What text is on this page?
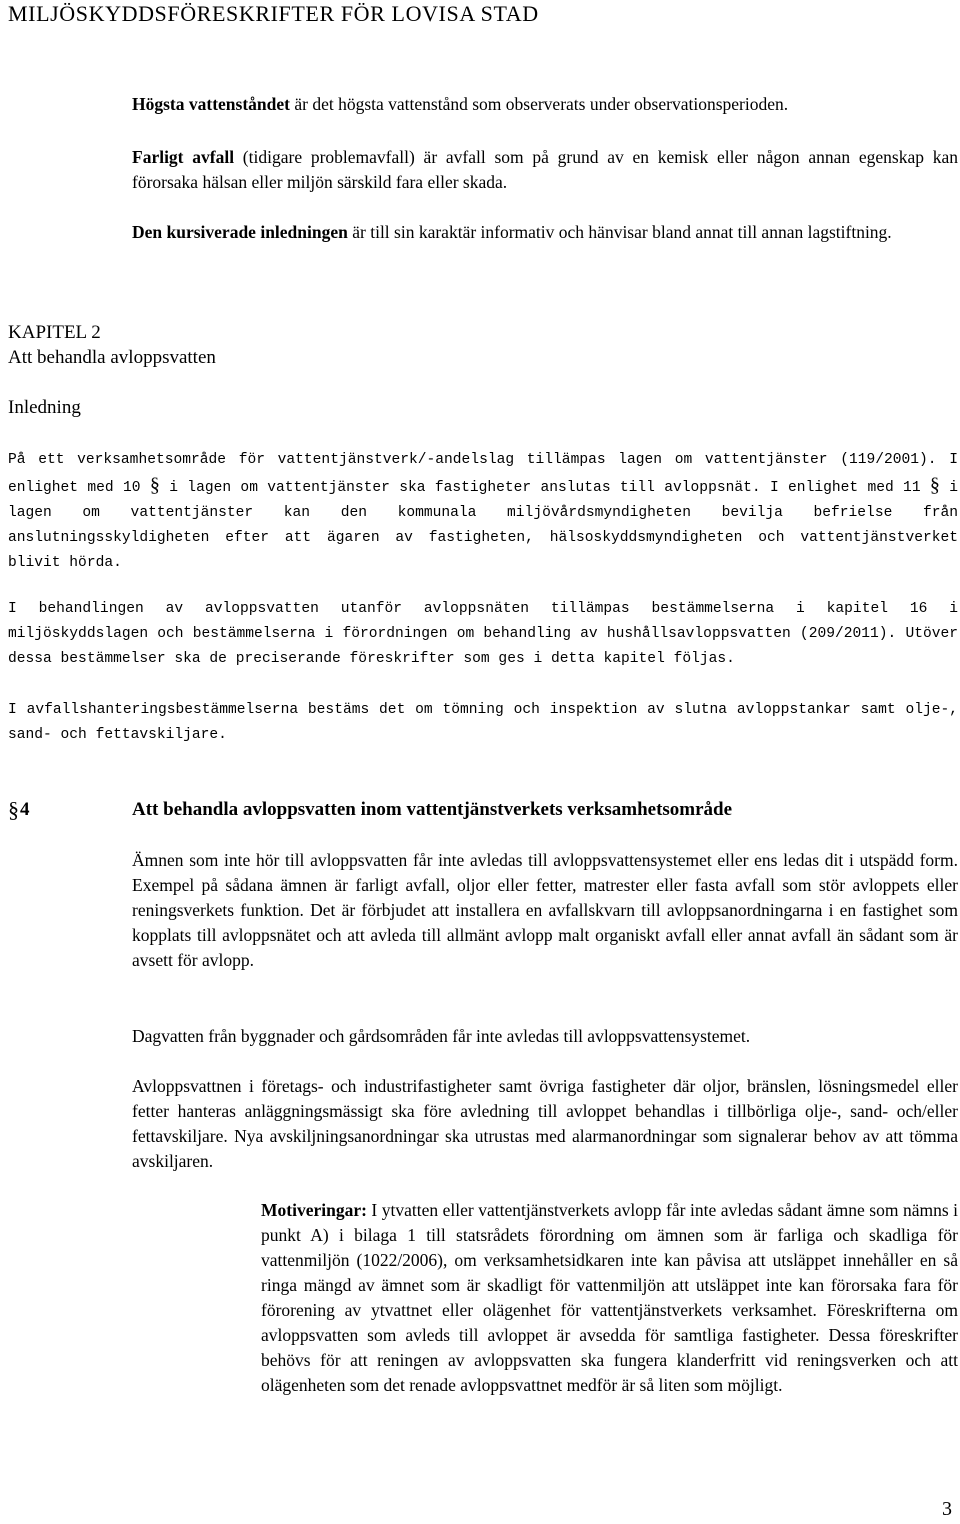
MILJÖSKYDDSFÖRESKRIFTER FÖR LOVISA STAD

Högsta vattenståndet är det högsta vattenstånd som observerats under observationsperioden.

Farligt avfall (tidigare problemavfall) är avfall som på grund av en kemisk eller någon annan egenskap kan förorsaka hälsan eller miljön särskild fara eller skada.

Den kursiverade inledningen är till sin karaktär informativ och hänvisar bland annat till annan lagstiftning.

KAPITEL 2
Att behandla avloppsvatten
Inledning

På ett verksamhetsområde för vattentjänstverk/-andelslag tillämpas lagen om vattentjänster (119/2001). I enlighet med 10 § i lagen om vattentjänster ska fastigheter anslutas till avloppsnät. I enlighet med 11 § i lagen om vattentjänster kan den kommunala miljövårdsmyndigheten bevilja befrielse från anslutningsskyldigheten efter att ägaren av fastigheten, hälsoskyddsmyndigheten och vattentjänstverket blivit hörda.

I behandlingen av avloppsvatten utanför avloppsnäten tillämpas bestämmelserna i kapitel 16 i miljöskyddslagen och bestämmelserna i förordningen om behandling av hushållsavloppsvatten (209/2011). Utöver dessa bestämmelser ska de preciserande föreskrifter som ges i detta kapitel följas.

I avfallshanteringsbestämmelserna bestäms det om tömning och inspektion av slutna avloppstankar samt olje-, sand- och fettavskiljare.

§ 4	Att behandla avloppsvatten inom vattentjänstverkets verksamhetsområde

Ämnen som inte hör till avloppsvatten får inte avledas till avloppsvattensystemet eller ens ledas dit i utspädd form. Exempel på sådana ämnen är farligt avfall, oljor eller fetter, matrester eller fasta avfall som stör avloppets eller reningsverkets funktion. Det är förbjudet att installera en avfallskvarn till avloppsanordningarna i en fastighet som kopplats till avloppsnätet och att avleda till allmänt avlopp malt organiskt avfall eller annat avfall än sådant som är avsett för avlopp.

Dagvatten från byggnader och gårdsområden får inte avledas till avloppsvattensystemet.

Avloppsvattnen i företags- och industrifastigheter samt övriga fastigheter där oljor, bränslen, lösningsmedel eller fetter hanteras anläggningsmässigt ska före avledning till avloppet behandlas i tillbörliga olje-, sand- och/eller fettavskiljare. Nya avskiljningsanordningar ska utrustas med alarmanordningar som signalerar behov av att tömma avskiljaren.

Motiveringar: I ytvatten eller vattentjänstverkets avlopp får inte avledas sådant ämne som nämns i punkt A) i bilaga 1 till statsrådets förordning om ämnen som är farliga och skadliga för vattenmiljön (1022/2006), om verksamhetsidkaren inte kan påvisa att utsläppet innehåller en så ringa mängd av ämnet som är skadligt för vattenmiljön att utsläppet inte kan förorsaka fara för förorening av ytvattnet eller olägenhet för vattentjänstverkets verksamhet. Föreskrifterna om avloppsvatten som avleds till avloppet är avsedda för samtliga fastigheter. Dessa föreskrifter behövs för att reningen av avloppsvatten ska fungera klanderfritt vid reningsverken och att olägenheten som det renade avloppsvattnet medför är så liten som möjligt.

3
